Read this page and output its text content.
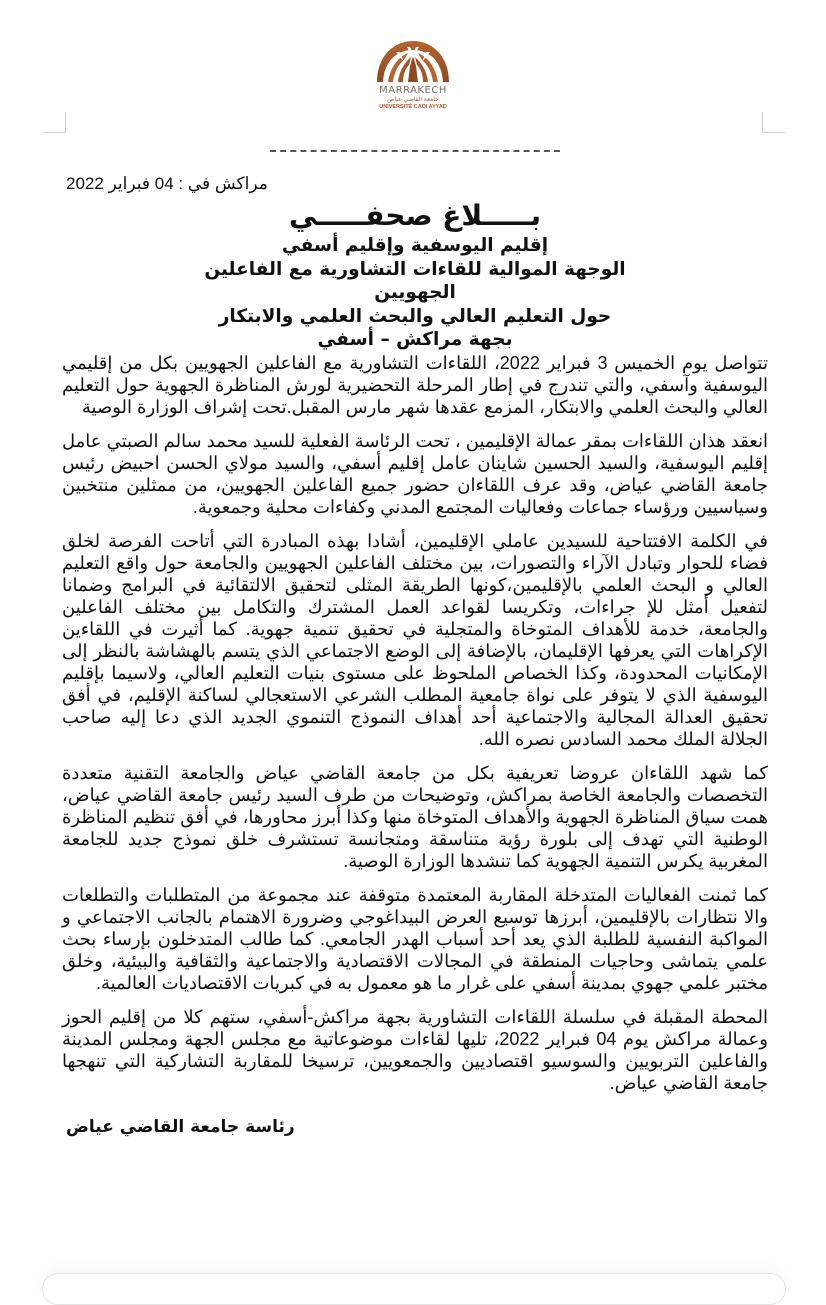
MARRAKECH
جامعة القاضي عياض
UNIVERSITÉ CADI AYYAD
مراكش في : 04 فبراير 2022
بـــــلاغ صحفـــــي
إقليم اليوسفية وإقليم أسفي
الوجهة الموالية للقاءات التشاورية مع الفاعلين الجهويين
حول التعليم العالي والبحث العلمي والابتكار
بجهة مراكش – أسفي

تتواصل يوم الخميس 3 فبراير 2022، اللقاءات التشاورية مع الفاعلين الجهويين بكل من إقليمي اليوسفية وآسفي، والتي تندرج في إطار المرحلة التحضيرية لورش المناظرة الجهوية حول التعليم العالي والبحث العلمي والابتكار، المزمع عقدها شهر مارس المقبل.تحت إشراف الوزارة الوصية

انعقد هذان اللقاءات بمقر عمالة الإقليمين ، تحت الرئاسة الفعلية للسيد محمد سالم الصبتي عامل إقليم اليوسفية، والسيد الحسين شاينان عامل إقليم أسفي، والسيد مولاي الحسن احبيض رئيس جامعة القاضي عياض، وقد عرف اللقاءان حضور جميع الفاعلين الجهويين، من ممثلين منتخبين وسياسيين ورؤساء جماعات وفعاليات المجتمع المدني وكفاءات محلية وجمعوية.

في الكلمة الافتتاحية للسيدين عاملي الإقليمين، أشادا بهذه المبادرة التي أتاحت الفرصة لخلق فضاء للحوار وتبادل الآراء والتصورات، بين مختلف الفاعلين الجهويين والجامعة حول واقع التعليم العالي و البحث العلمي بالإقليمين،كونها الطريقة المثلى لتحقيق الالتقائية في البرامج وضمانا لتفعيل أمثل للإ جراءات، وتكريسا لقواعد العمل المشترك والتكامل بين مختلف الفاعلين والجامعة، خدمة للأهداف المتوخاة والمتجلية في تحقيق تنمية جهوية. كما أثيرت في اللقاءين الإكراهات التي يعرفها الإقليمان، بالإضافة إلى الوضع الاجتماعي الذي يتسم بالهشاشة بالنظر إلى الإمكانيات المحدودة، وكذا الخصاص الملحوظ على مستوى بنيات التعليم العالي، ولاسيما بإقليم اليوسفية الذي لا يتوفر على نواة جامعية المطلب الشرعي الاستعجالي لساكنة الإقليم، في أفق تحقيق العدالة المجالية والاجتماعية أحد أهداف النموذج التنموي الجديد الذي دعا إليه صاحب الجلالة الملك محمد السادس نصره الله.

كما شهد اللقاءان عروضا تعريفية بكل من جامعة القاضي عياض والجامعة التقنية متعددة التخصصات والجامعة الخاصة بمراكش، وتوضيحات من طرف السيد رئيس جامعة القاضي عياض، همت سياق المناظرة الجهوية والأهداف المتوخاة منها وكذا أبرز محاورها، في أفق تنظيم المناظرة الوطنية التي تهدف إلى بلورة رؤية متناسقة ومتجانسة تستشرف خلق نموذج جديد للجامعة المغربية يكرس التنمية الجهوية كما تنشدها الوزارة الوصية.

كما ثمنت الفعاليات المتدخلة المقاربة المعتمدة متوقفة عند مجموعة من المتطلبات والتطلعات والا نتظارات بالإقليمين، أبرزها توسيع العرض البيداغوجي وضرورة الاهتمام بالجانب الاجتماعي و المواكبة النفسية للطلبة الذي يعد أحد أسباب الهدر الجامعي. كما طالب المتدخلون بإرساء بحث علمي يتماشى وحاجيات المنطقة في المجالات الاقتصادية والاجتماعية والثقافية والبيئية، وخلق مختبر علمي جهوي بمدينة أسفي على غرار ما هو معمول به في كبريات الاقتصاديات العالمية.

المحطة المقبلة في سلسلة اللقاءات التشاورية بجهة مراكش-أسفي، ستهم كلا من إقليم الحوز وعمالة مراكش يوم 04 فبراير 2022، تليها لقاءات موضوعاتية مع مجلس الجهة ومجلس المدينة والفاعلين التربويين والسوسيو اقتصاديين والجمعويين، ترسيخا للمقاربة التشاركية التي تنهجها جامعة القاضي عياض.

رئاسة جامعة القاضي عياض
